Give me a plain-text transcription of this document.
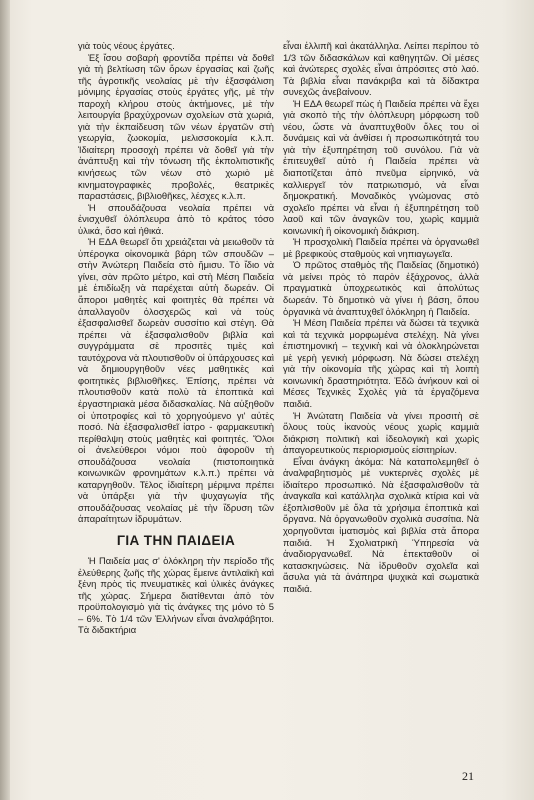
γιὰ τοὺς νέους ἐργάτες.

Ἐξ ἴσου σοβαρὴ φροντίδα πρέπει νὰ δοθεῖ γιὰ τὴ βελτίωση τῶν ὅρων ἐργασίας καὶ ζωῆς τῆς ἀγροτικῆς νεολαίας μὲ τὴν ἐξασφάλιση μόνιμης ἐργασίας στοὺς ἐργάτες γῆς, μὲ τὴν παροχὴ κλήρου στοὺς ἀκτήμονες, μὲ τὴν λειτουργία βραχύχρονων σχολείων στὰ χωριά, γιὰ τὴν ἐκπαίδευση τῶν νέων ἐργατῶν στὴ γεωργία, ζωοκομία, μελισσοκομία κ.λ.π. Ἰδιαίτερη προσοχὴ πρέπει νὰ δοθεῖ γιὰ τὴν ἀνάπτυξη καὶ τὴν τόνωση τῆς ἐκπολιτιστικῆς κινήσεως τῶν νέων στὸ χωριὸ μὲ κινηματογραφικὲς προβολές, θεατρικὲς παραστάσεις, βιβλιοθῆκες, λέσχες κ.λ.π.

Ἡ σπουδάζουσα νεολαία πρέπει νὰ ἐνισχυθεῖ ὁλόπλευρα ἀπὸ τὸ κράτος τόσο ὑλικά, ὅσο καὶ ἠθικά.

Ἡ ΕΔΑ θεωρεῖ ὅτι χρειάζεται νὰ μειωθοῦν τὰ ὑπέρογκα οἰκονομικὰ βάρη τῶν σπουδῶν – στὴν Ἀνώτερη Παιδεία στὸ ἥμισυ. Τὸ ἴδιο νὰ γίνει, σὰν πρῶτο μέτρο, καὶ στὴ Μέση Παιδεία μὲ ἐπιδίωξη νὰ παρέχεται αὐτὴ δωρεάν. Οἱ ἄποροι μαθητὲς καὶ φοιτητὲς θὰ πρέπει νὰ ἀπαλλαγοῦν ὁλοσχερῶς καὶ νὰ τοὺς ἐξασφαλισθεῖ δωρεὰν συσσίτιο καὶ στέγη. Θὰ πρέπει νὰ ἐξασφαλισθοῦν βιβλία καὶ συγγράμματα σὲ προσιτὲς τιμὲς καὶ ταυτόχρονα νὰ πλουτισθοῦν οἱ ὑπάρχουσες καὶ νὰ δημιουργηθοῦν νέες μαθητικὲς καὶ φοιτητικὲς βιβλιοθῆκες. Ἐπίσης, πρέπει νὰ πλουτισθοῦν κατὰ πολὺ τὰ ἐποπτικὰ καὶ ἐργαστηριακὰ μέσα διδασκαλίας. Νὰ αὐξηθοῦν οἱ ὑποτροφίες καὶ τὸ χορηγούμενο γι' αὐτὲς ποσό. Νὰ ἐξασφαλισθεῖ ἰατρο - φαρμακευτικὴ περίθαλψη στοὺς μαθητὲς καὶ φοιτητές. Ὅλοι οἱ ἀνελεύθεροι νόμοι ποὺ ἀφοροῦν τὴ σπουδάζουσα νεολαία (πιστοποιητικὰ κοινωνικῶν φρονημάτων κ.λ.π.) πρέπει νὰ καταργηθοῦν. Τέλος ἰδιαίτερη μέριμνα πρέπει νὰ ὑπάρξει γιὰ τὴν ψυχαγωγία τῆς σπουδάζουσας νεολαίας μὲ τὴν ἵδρυση τῶν ἀπαραίτητων ἱδρυμάτων.

ΓΙΑ ΤΗΝ ΠΑΙΔΕΙΑ

Ἡ Παιδεία μας σ' ὁλόκληρη τὴν περίοδο τῆς ἐλεύθερης ζωῆς τῆς χώρας ἔμεινε ἀντιλαϊκὴ καὶ ξένη πρὸς τὶς πνευματικὲς καὶ ὑλικὲς ἀνάγκες τῆς χώρας. Σήμερα διατίθενται ἀπὸ τὸν προϋπολογισμὸ γιὰ τὶς ἀνάγκες της μόνο τὸ 5 – 6%. Τὸ 1/4 τῶν Ἑλλήνων εἶναι ἀναλφάβητοι. Τὰ διδακτήρια

εἶναι ἐλλιπῆ καὶ ἀκατάλληλα. Λείπει περίπου τὸ 1/3 τῶν διδασκάλων καὶ καθηγητῶν. Οἱ μέσες καὶ ἀνώτερες σχολὲς εἶναι ἀπρόσιτες στὸ λαό. Τὰ βιβλία εἶναι πανάκριβα καὶ τὰ δίδακτρα συνεχῶς ἀνεβαίνουν.

Ἡ ΕΔΑ θεωρεῖ πὼς ἡ Παιδεία πρέπει νὰ ἔχει γιὰ σκοπὸ τὴς τὴν ὁλόπλευρη μόρφωση τοῦ νέου, ὥστε νὰ ἀναπτυχθοῦν ὅλες του οἱ δυνάμεις καὶ νὰ ἀνθίσει ἡ προσωπικότητά του γιὰ τὴν ἐξυπηρέτηση τοῦ συνόλου. Γιὰ νὰ ἐπιτευχθεῖ αὐτὸ ἡ Παιδεία πρέπει νὰ διαποτίζεται ἀπὸ πνεῦμα εἰρηνικό, νὰ καλλιεργεῖ τὸν πατριωτισμό, νὰ εἶναι δημοκρατική. Μοναδικὸς γνώμονας στὸ σχολεῖο πρέπει νὰ εἶναι ἡ ἐξυπηρέτηση τοῦ λαοῦ καὶ τῶν ἀναγκῶν του, χωρὶς καμμιὰ κοινωνικὴ ἢ οἰκονομικὴ διάκριση.

Ἡ προσχολικὴ Παιδεία πρέπει νὰ ὀργανωθεῖ μὲ βρεφικοὺς σταθμοὺς καὶ νηπιαγωγεῖα.

Ὁ πρῶτος σταθμὸς τῆς Παιδείας (δημοτικό) νὰ μείνει πρὸς τὸ παρὸν ἑξάχρονος, ἀλλὰ πραγματικὰ ὑποχρεωτικὸς καὶ ἀπολύτως δωρεάν. Τὸ δημοτικὸ νὰ γίνει ἡ βάση, ὅπου ὀργανικὰ νὰ ἀναπτυχθεῖ ὁλόκληρη ἡ Παιδεία.

Ἡ Μέση Παιδεία πρέπει νὰ δώσει τὰ τεχνικὰ καὶ τὰ τεχνικὰ μορφωμένα στελέχη. Νὰ γίνει ἐπιστημονική – τεχνικὴ καὶ νὰ ὁλοκληρώνεται μὲ γερὴ γενικὴ μόρφωση. Νὰ δώσει στελέχη γιὰ τὴν οἰκονομία τῆς χώρας καὶ τὴ λοιπὴ κοινωνικὴ δραστηριότητα. Ἐδῶ ἀνήκουν καὶ οἱ Μέσες Τεχνικὲς Σχολὲς γιὰ τὰ ἐργαζόμενα παιδιά.

Ἡ Ἀνώτατη Παιδεία νὰ γίνει προσιτὴ σὲ ὅλους τοὺς ἱκανοὺς νέους χωρὶς καμμιὰ διάκριση πολιτικὴ καὶ ἰδεολογικὴ καὶ χωρὶς ἀπαγορευτικοὺς περιορισμοὺς εἰσιτηρίων.

Εἶναι ἀνάγκη ἀκόμα: Νὰ καταπολεμηθεῖ ὁ ἀναλφαβητισμὸς μὲ νυκτερινὲς σχολὲς μὲ ἰδιαίτερο προσωπικό. Νὰ ἐξασφαλισθοῦν τὰ ἀναγκαῖα καὶ κατάλληλα σχολικὰ κτίρια καὶ νὰ ἐξοπλισθοῦν μὲ ὅλα τὰ χρήσιμα ἐποπτικὰ καὶ ὄργανα. Νὰ ὀργανωθοῦν σχολικὰ συσσίτια. Νὰ χορηγοῦνται ἱματισμὸς καὶ βιβλία στὰ ἄπορα παιδιά. Ἡ Σχολιατρικὴ Ὑπηρεσία νὰ ἀναδιοργανωθεῖ. Νὰ ἐπεκταθοῦν οἱ κατασκηνώσεις. Νὰ ἱδρυθοῦν σχολεῖα καὶ ἄσυλα γιὰ τὰ ἀνάπηρα ψυχικὰ καὶ σωματικὰ παιδιά.

21
